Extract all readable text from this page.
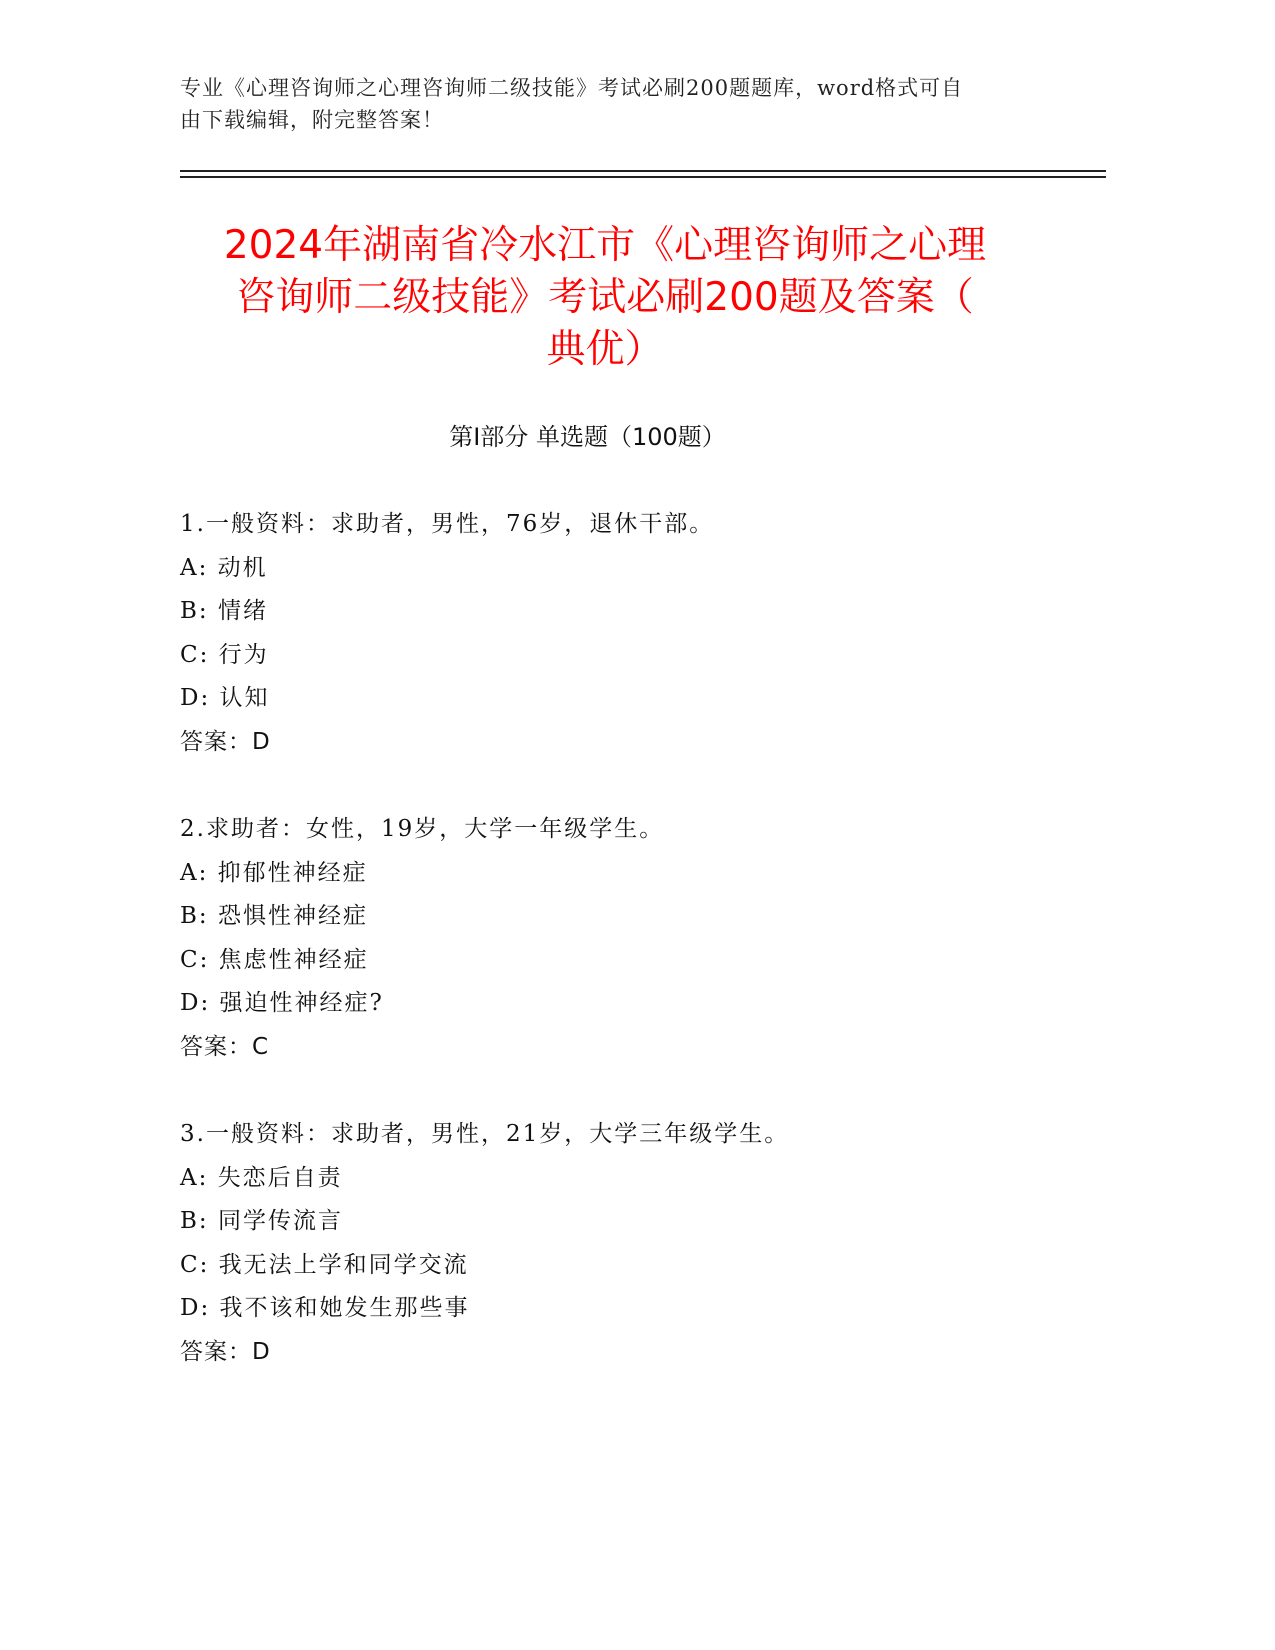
专业《心理咨询师之心理咨询师二级技能》考试必刷200题题库，word格式可自
由下载编辑，附完整答案！
2024年湖南省冷水江市《心理咨询师之心理
咨询师二级技能》考试必刷200题及答案（
典优）
第I部分 单选题（100题）
1.一般资料：求助者，男性，76岁，退休干部。
A: 动机
B: 情绪
C: 行为
D: 认知
答案：D
2.求助者：女性，19岁，大学一年级学生。
A: 抑郁性神经症
B: 恐惧性神经症
C: 焦虑性神经症
D: 强迫性神经症?
答案：C
3.一般资料：求助者，男性，21岁，大学三年级学生。
A: 失恋后自责
B: 同学传流言
C: 我无法上学和同学交流
D: 我不该和她发生那些事
答案：D
